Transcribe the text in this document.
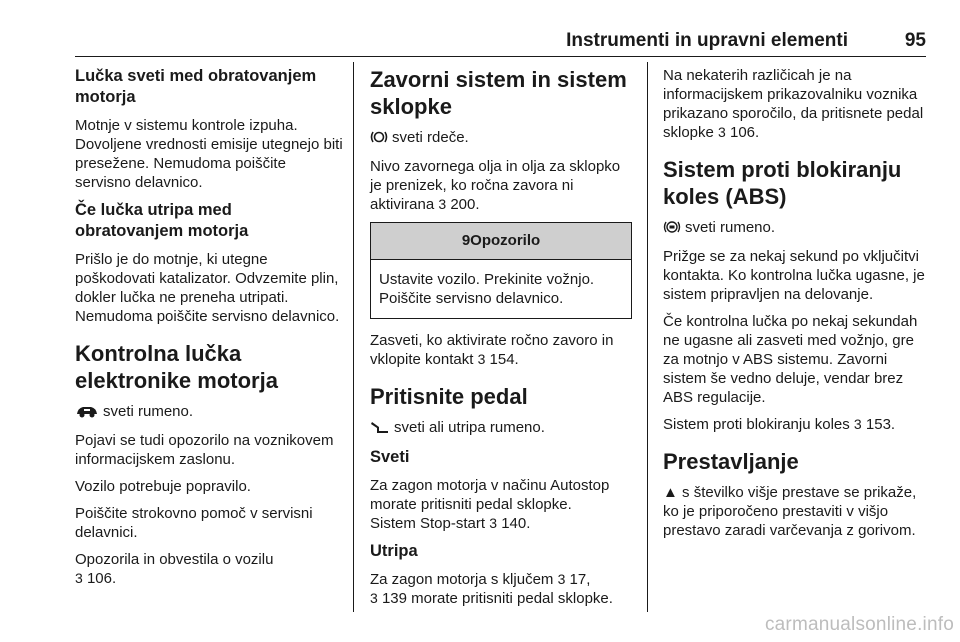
Instrumenti in upravni elementi	95
Lučka sveti med obratovanjem motorja

Motnje v sistemu kontrole izpuha. Dovoljene vrednosti emisije utegnejo biti presežene. Nemudoma poiščite servisno delavnico.

Če lučka utripa med obratovanjem motorja

Prišlo je do motnje, ki utegne poškodovati katalizator. Odvzemite plin, dokler lučka ne preneha utripati. Nemudoma poiščite servisno delavnico.

Kontrolna lučka elektronike motorja

sveti rumeno.

Pojavi se tudi opozorilo na voznikovem informacijskem zaslonu.

Vozilo potrebuje popravilo.

Poiščite strokovno pomoč v servisni delavnici.

Opozorila in obvestila o vozilu
3 106.

Zavorni sistem in sistem sklopke

sveti rdeče.

Nivo zavornega olja in olja za sklopko je prenizek, ko ročna zavora ni aktivirana 3 200.

9Opozorilo

Ustavite vozilo. Prekinite vožnjo. Poiščite servisno delavnico.

Zasveti, ko aktivirate ročno zavoro in vklopite kontakt 3 154.

Pritisnite pedal

sveti ali utripa rumeno.

Sveti

Za zagon motorja v načinu Autostop morate pritisniti pedal sklopke.
Sistem Stop-start 3 140.

Utripa

Za zagon motorja s ključem 3 17,
3 139 morate pritisniti pedal sklopke.

Na nekaterih različicah je na informacijskem prikazovalniku voznika prikazano sporočilo, da pritisnete pedal sklopke 3 106.

Sistem proti blokiranju koles (ABS)

sveti rumeno.

Prižge se za nekaj sekund po vključitvi kontakta. Ko kontrolna lučka ugasne, je sistem pripravljen na delovanje.

Če kontrolna lučka po nekaj sekundah ne ugasne ali zasveti med vožnjo, gre za motnjo v ABS sistemu. Zavorni sistem še vedno deluje, vendar brez ABS regulacije.

Sistem proti blokiranju koles 3 153.

Prestavljanje

▲ s številko višje prestave se prikaže, ko je priporočeno prestaviti v višjo prestavo zaradi varčevanja z gorivom.

carmanualsonline.info
